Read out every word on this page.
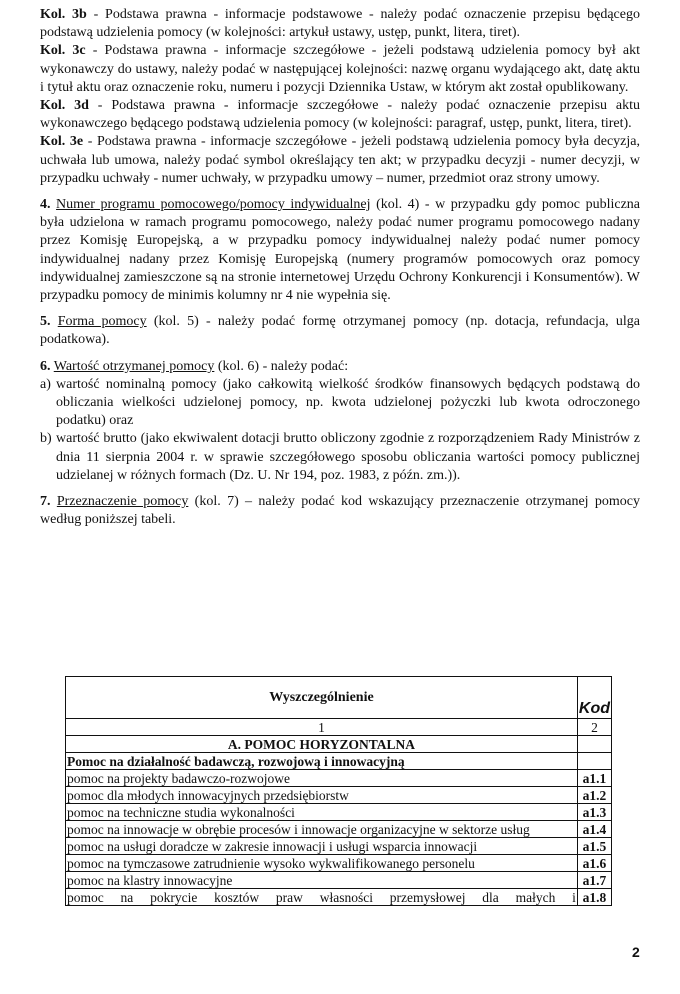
Kol. 3b - Podstawa prawna - informacje podstawowe - należy podać oznaczenie przepisu będącego podstawą udzielenia pomocy (w kolejności: artykuł ustawy, ustęp, punkt, litera, tiret).

Kol. 3c - Podstawa prawna - informacje szczegółowe - jeżeli podstawą udzielenia pomocy był akt wykonawczy do ustawy, należy podać w następującej kolejności: nazwę organu wydającego akt, datę aktu i tytuł aktu oraz oznaczenie roku, numeru i pozycji Dziennika Ustaw, w którym akt został opublikowany.

Kol. 3d - Podstawa prawna - informacje szczegółowe - należy podać oznaczenie przepisu aktu wykonawczego będącego podstawą udzielenia pomocy (w kolejności: paragraf, ustęp, punkt, litera, tiret).

Kol. 3e - Podstawa prawna - informacje szczegółowe - jeżeli podstawą udzielenia pomocy była decyzja, uchwała lub umowa, należy podać symbol określający ten akt; w przypadku decyzji - numer decyzji, w przypadku uchwały - numer uchwały, w przypadku umowy – numer, przedmiot oraz strony umowy.

4. Numer programu pomocowego/pomocy indywidualnej (kol. 4) - w przypadku gdy pomoc publiczna była udzielona w ramach programu pomocowego, należy podać numer programu pomocowego nadany przez Komisję Europejską, a w przypadku pomocy indywidualnej należy podać numer pomocy indywidualnej nadany przez Komisję Europejską (numery programów pomocowych oraz pomocy indywidualnej zamieszczone są na stronie internetowej Urzędu Ochrony Konkurencji i Konsumentów). W przypadku pomocy de minimis kolumny nr 4 nie wypełnia się.

5. Forma pomocy (kol. 5) - należy podać formę otrzymanej pomocy (np. dotacja, refundacja, ulga podatkowa).

6. Wartość otrzymanej pomocy (kol. 6) - należy podać:

a) wartość nominalną pomocy (jako całkowitą wielkość środków finansowych będących podstawą do obliczania wielkości udzielonej pomocy, np. kwota udzielonej pożyczki lub kwota odroczonego podatku) oraz

b) wartość brutto (jako ekwiwalent dotacji brutto obliczony zgodnie z rozporządzeniem Rady Ministrów z dnia 11 sierpnia 2004 r. w sprawie szczegółowego sposobu obliczania wartości pomocy publicznej udzielanej w różnych formach (Dz. U. Nr 194, poz. 1983, z późn. zm.)).

7. Przeznaczenie pomocy (kol. 7) – należy podać kod wskazujący przeznaczenie otrzymanej pomocy według poniższej tabeli.

Wyszczególnienie	Kod
1	2
A. POMOC HORYZONTALNA	
Pomoc na działalność badawczą, rozwojową i innowacyjną	
pomoc na projekty badawczo-rozwojowe	a1.1
pomoc dla młodych innowacyjnych przedsiębiorstw	a1.2
pomoc na techniczne studia wykonalności	a1.3
pomoc na innowacje w obrębie procesów i innowacje organizacyjne w sektorze usług	a1.4
pomoc na usługi doradcze w zakresie innowacji i usługi wsparcia innowacji	a1.5
pomoc na tymczasowe zatrudnienie wysoko wykwalifikowanego personelu	a1.6
pomoc na klastry innowacyjne	a1.7
pomoc na pokrycie kosztów praw własności przemysłowej dla małych i	a1.8
2
